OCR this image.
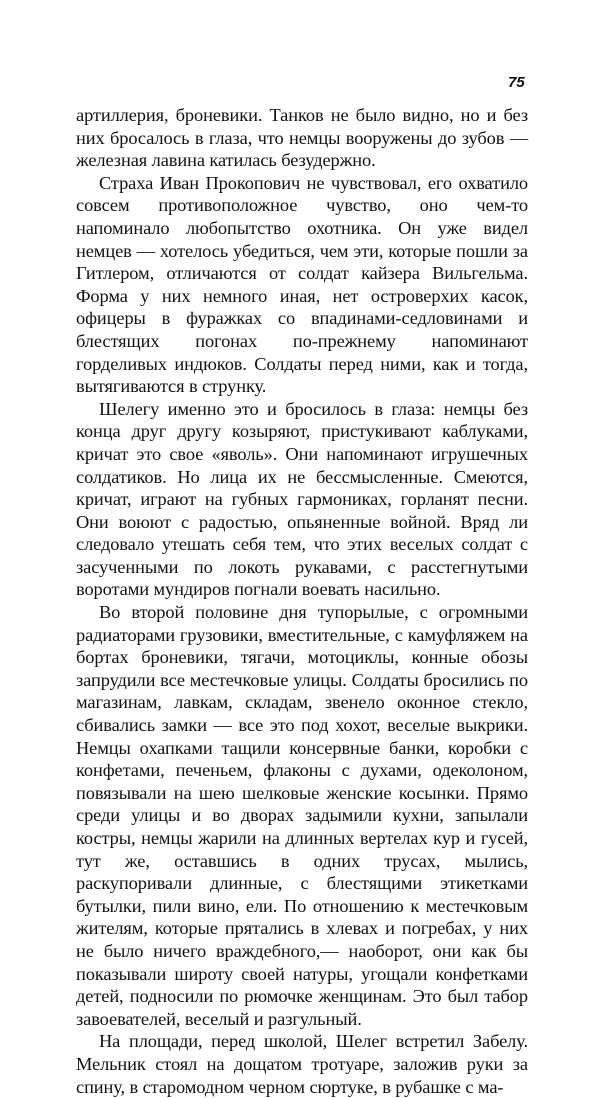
75

артиллерия, броневики. Танков не было видно, но и без них бросалось в глаза, что немцы вооружены до зубов — железная лавина катилась безудержно.

Страха Иван Прокопович не чувствовал, его охватило совсем противоположное чувство, оно чем-то напоминало любопытство охотника. Он уже видел немцев — хотелось убедиться, чем эти, которые пошли за Гитлером, отличаются от солдат кайзера Вильгельма. Форма у них немного иная, нет островерхих касок, офицеры в фуражках со впадинами-седловинами и блестящих погонах по-прежнему напоминают горделивых индюков. Солдаты перед ними, как и тогда, вытягиваются в струнку.

Шелегу именно это и бросилось в глаза: немцы без конца друг другу козыряют, пристукивают каблуками, кричат это свое «яволь». Они напоминают игрушечных солдатиков. Но лица их не бессмысленные. Смеются, кричат, играют на губных гармониках, горланят песни. Они воюют с радостью, опьяненные войной. Вряд ли следовало утешать себя тем, что этих веселых солдат с засученными по локоть рукавами, с расстегнутыми воротами мундиров погнали воевать насильно.

Во второй половине дня тупорылые, с огромными радиаторами грузовики, вместительные, с камуфляжем на бортах броневики, тягачи, мотоциклы, конные обозы запрудили все местечковые улицы. Солдаты бросились по магазинам, лавкам, складам, звенело оконное стекло, сбивались замки — все это под хохот, веселые выкрики. Немцы охапками тащили консервные банки, коробки с конфетами, печеньем, флаконы с духами, одеколоном, повязывали на шею шелковые женские косынки. Прямо среди улицы и во дворах задымили кухни, запылали костры, немцы жарили на длинных вертелах кур и гусей, тут же, оставшись в одних трусах, мылись, раскупоривали длинные, с блестящими этикетками бутылки, пили вино, ели. По отношению к местечковым жителям, которые прятались в хлевах и погребах, у них не было ничего враждебного,— наоборот, они как бы показывали широту своей натуры, угощали конфетками детей, подносили по рюмочке женщинам. Это был табор завоевателей, веселый и разгульный.

На площади, перед школой, Шелег встретил Забелу. Мельник стоял на дощатом тротуаре, заложив руки за спину, в старомодном черном сюртуке, в рубашке с ма-
